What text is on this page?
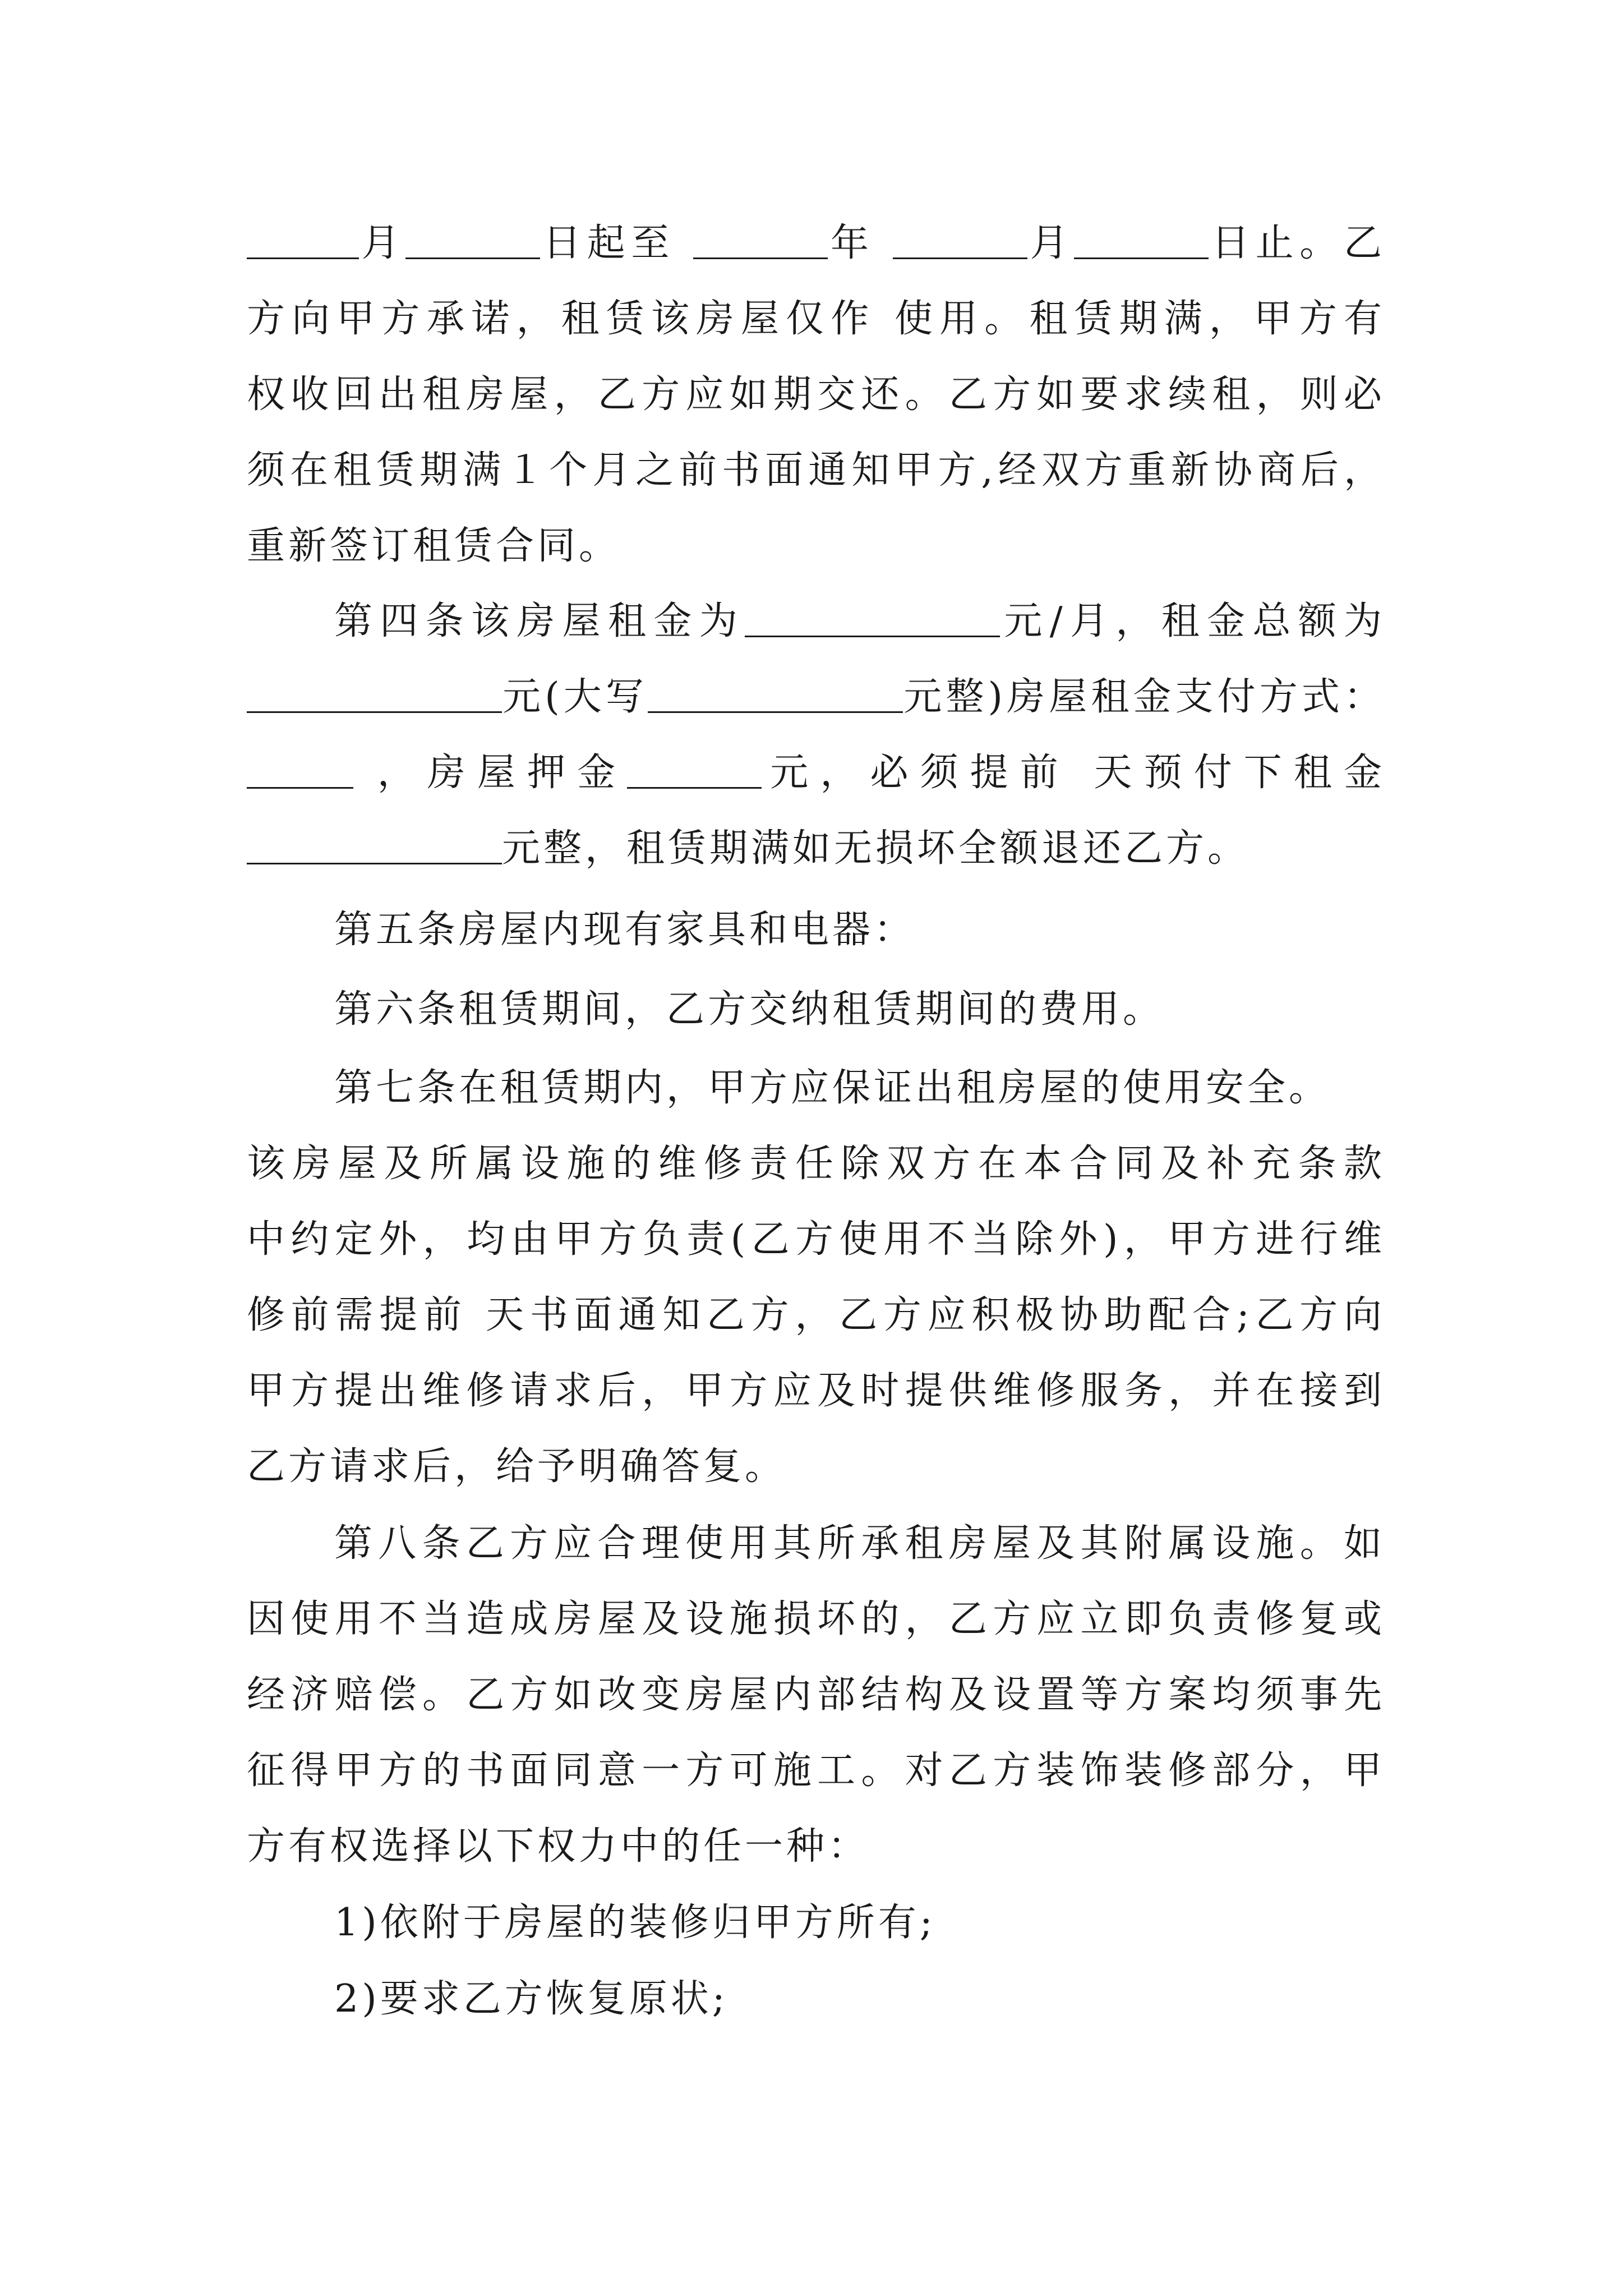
月	日起至	年	月	日止。乙
方向甲方承诺，租赁该房屋仅作 使用。租赁期满，甲方有
权收回出租房屋，乙方应如期交还。乙方如要求续租，则必
须在租赁期满１个月之前书面通知甲方,经双方重新协商后，
重新签订租赁合同。
第四条该房屋租金为	元/月，租金总额为
元(大写	元整)房屋租金支付方式：
，房屋押金	元，必须提前 天预付下租金
元整，租赁期满如无损坏全额退还乙方。
第五条房屋内现有家具和电器：
第六条租赁期间，乙方交纳租赁期间的费用。
第七条在租赁期内，甲方应保证出租房屋的使用安全。
该房屋及所属设施的维修责任除双方在本合同及补充条款
中约定外，均由甲方负责(乙方使用不当除外)，甲方进行维
修前需提前 天书面通知乙方，乙方应积极协助配合;乙方向
甲方提出维修请求后，甲方应及时提供维修服务，并在接到
乙方请求后，给予明确答复。
第八条乙方应合理使用其所承租房屋及其附属设施。如
因使用不当造成房屋及设施损坏的，乙方应立即负责修复或
经济赔偿。乙方如改变房屋内部结构及设置等方案均须事先
征得甲方的书面同意一方可施工。对乙方装饰装修部分，甲
方有权选择以下权力中的任一种：
1)依附于房屋的装修归甲方所有;
2)要求乙方恢复原状;
